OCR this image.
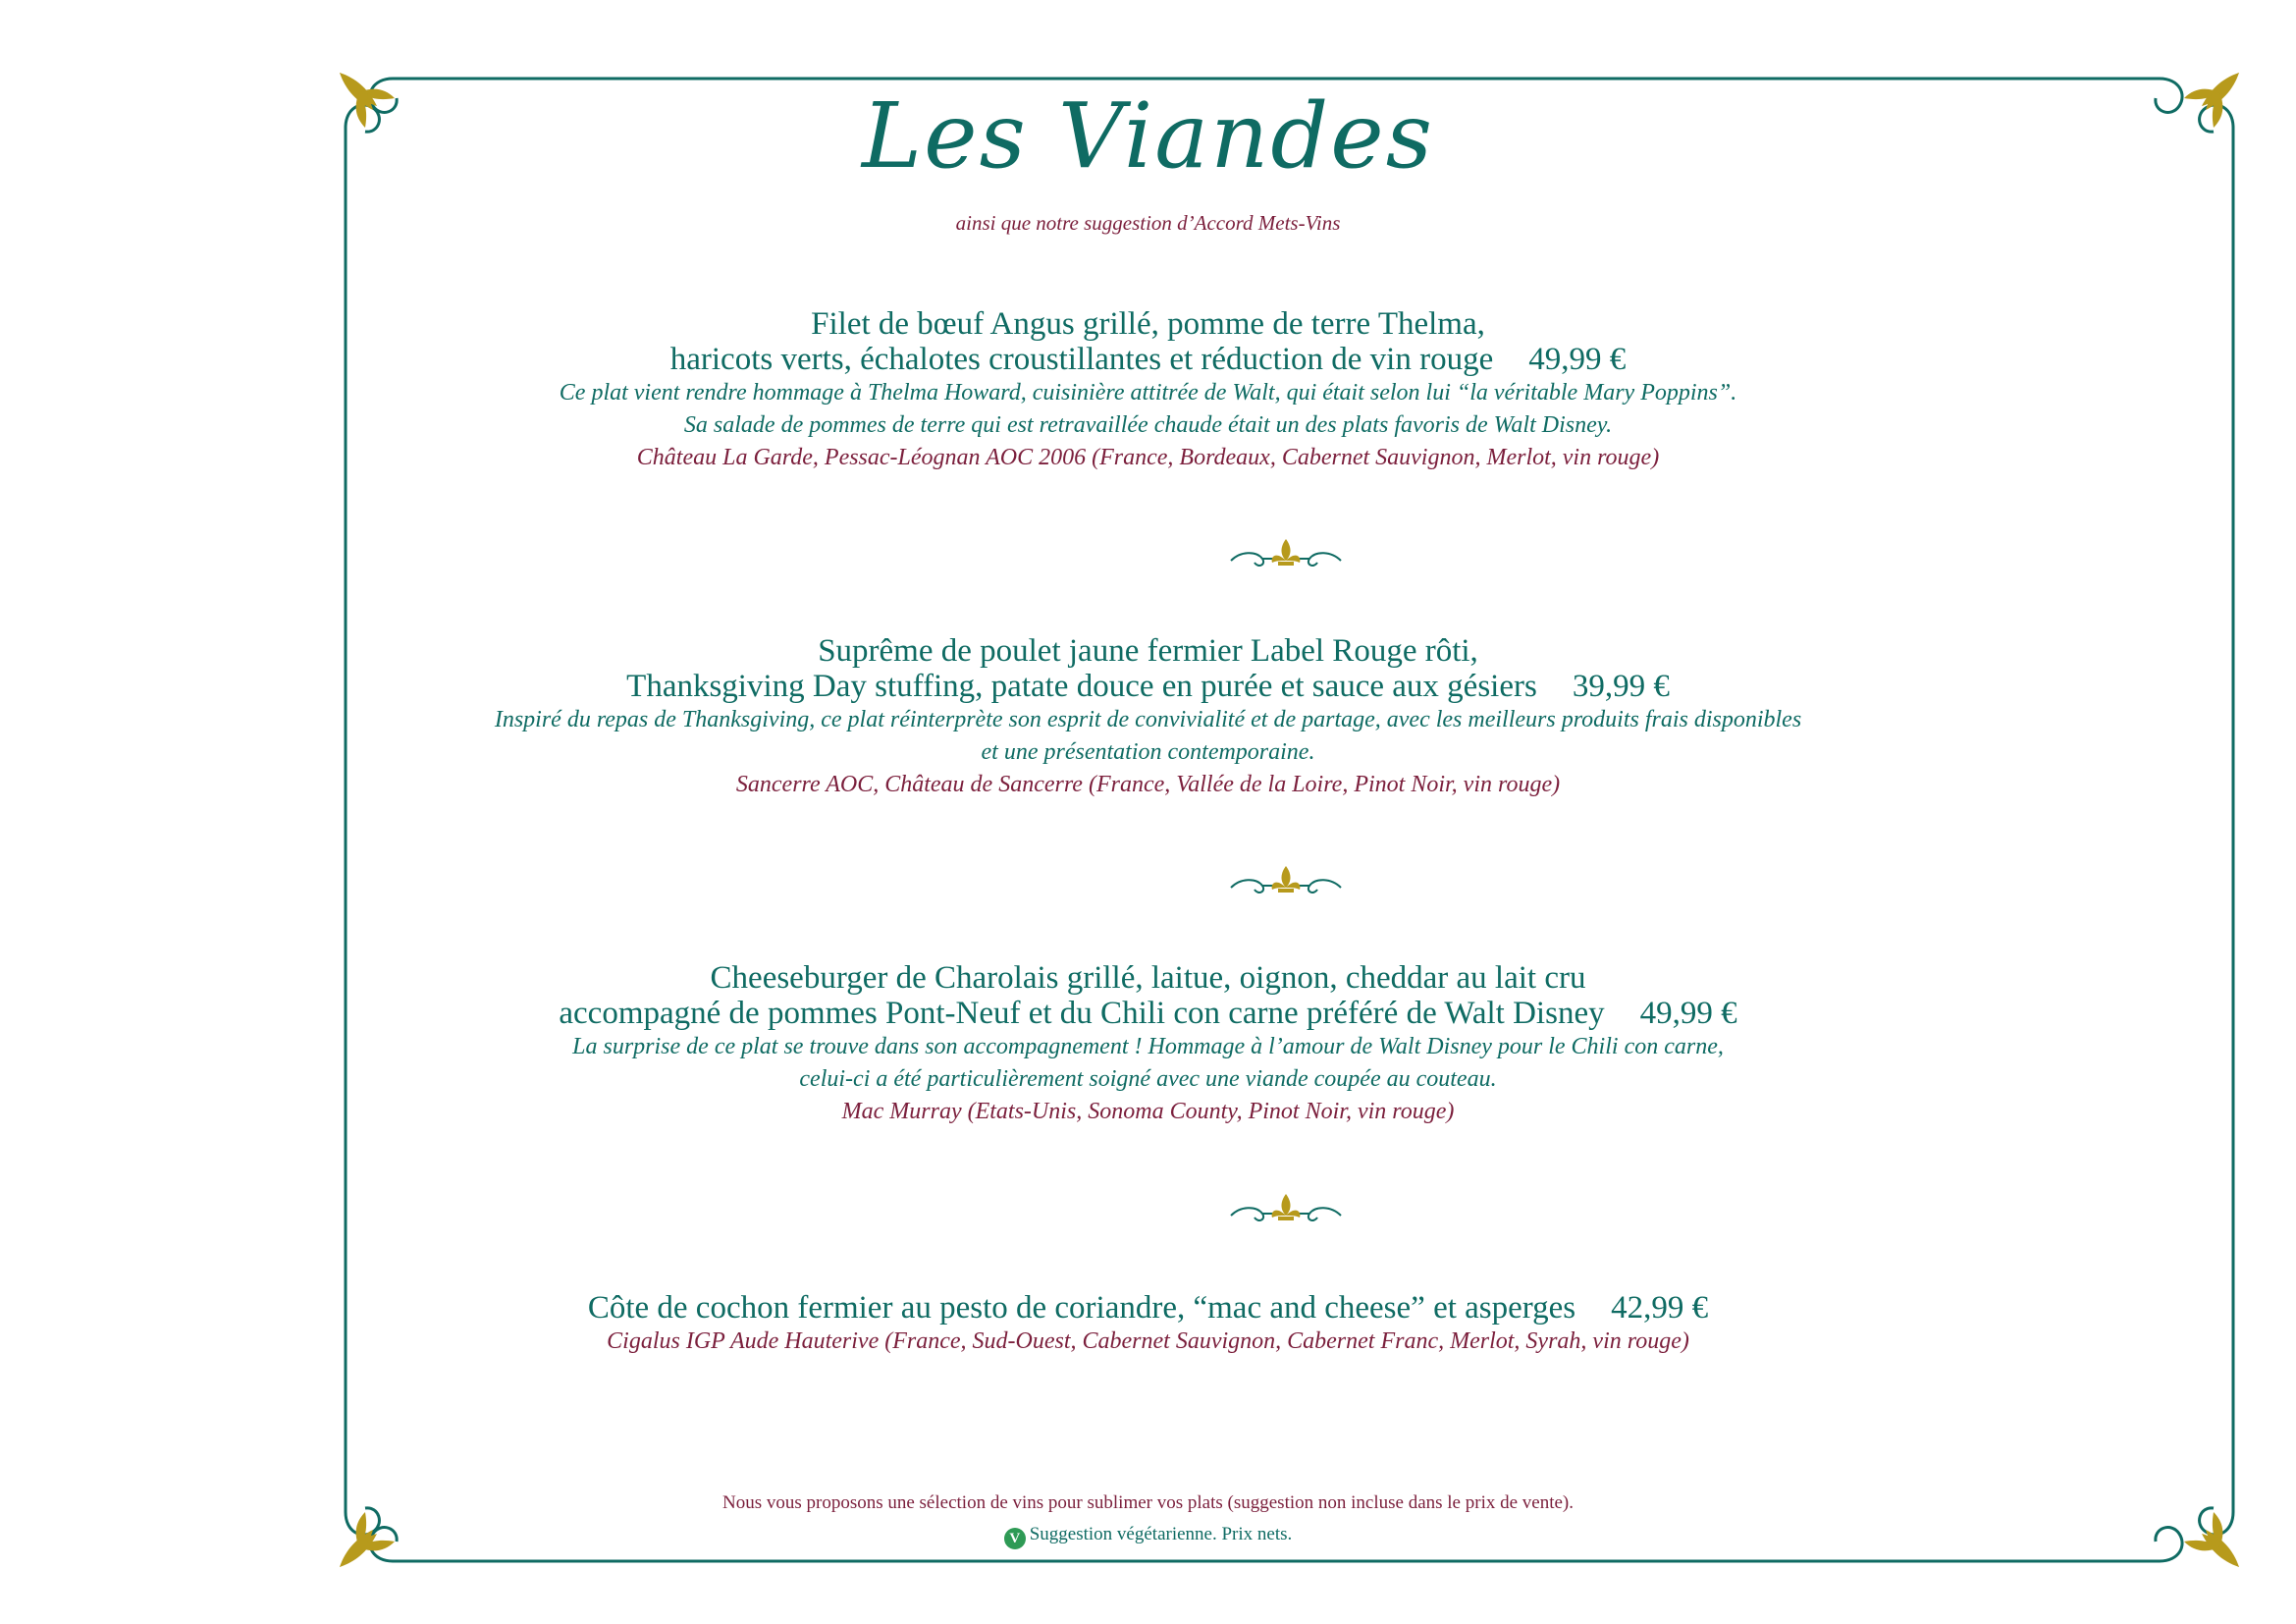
Les Viandes
ainsi que notre suggestion d’Accord Mets-Vins
Filet de bœuf Angus grillé, pomme de terre Thelma,
haricots verts, échalotes croustillantes et réduction de vin rouge 49,99 €
Ce plat vient rendre hommage à Thelma Howard, cuisinière attitrée de Walt, qui était selon lui “la véritable Mary Poppins”.
Sa salade de pommes de terre qui est retravaillée chaude était un des plats favoris de Walt Disney.
Château La Garde, Pessac-Léognan AOC 2006 (France, Bordeaux, Cabernet Sauvignon, Merlot, vin rouge)
Suprême de poulet jaune fermier Label Rouge rôti,
Thanksgiving Day stuffing, patate douce en purée et sauce aux gésiers 39,99 €
Inspiré du repas de Thanksgiving, ce plat réinterprète son esprit de convivialité et de partage, avec les meilleurs produits frais disponibles
et une présentation contemporaine.
Sancerre AOC, Château de Sancerre (France, Vallée de la Loire, Pinot Noir, vin rouge)
Cheeseburger de Charolais grillé, laitue, oignon, cheddar au lait cru
accompagné de pommes Pont-Neuf et du Chili con carne préféré de Walt Disney 49,99 €
La surprise de ce plat se trouve dans son accompagnement ! Hommage à l’amour de Walt Disney pour le Chili con carne,
celui-ci a été particulièrement soigné avec une viande coupée au couteau.
Mac Murray (Etats-Unis, Sonoma County, Pinot Noir, vin rouge)
Côte de cochon fermier au pesto de coriandre, “mac and cheese” et asperges 42,99 €
Cigalus IGP Aude Hauterive (France, Sud-Ouest, Cabernet Sauvignon, Cabernet Franc, Merlot, Syrah, vin rouge)
Nous vous proposons une sélection de vins pour sublimer vos plats (suggestion non incluse dans le prix de vente).
V Suggestion végétarienne. Prix nets.
